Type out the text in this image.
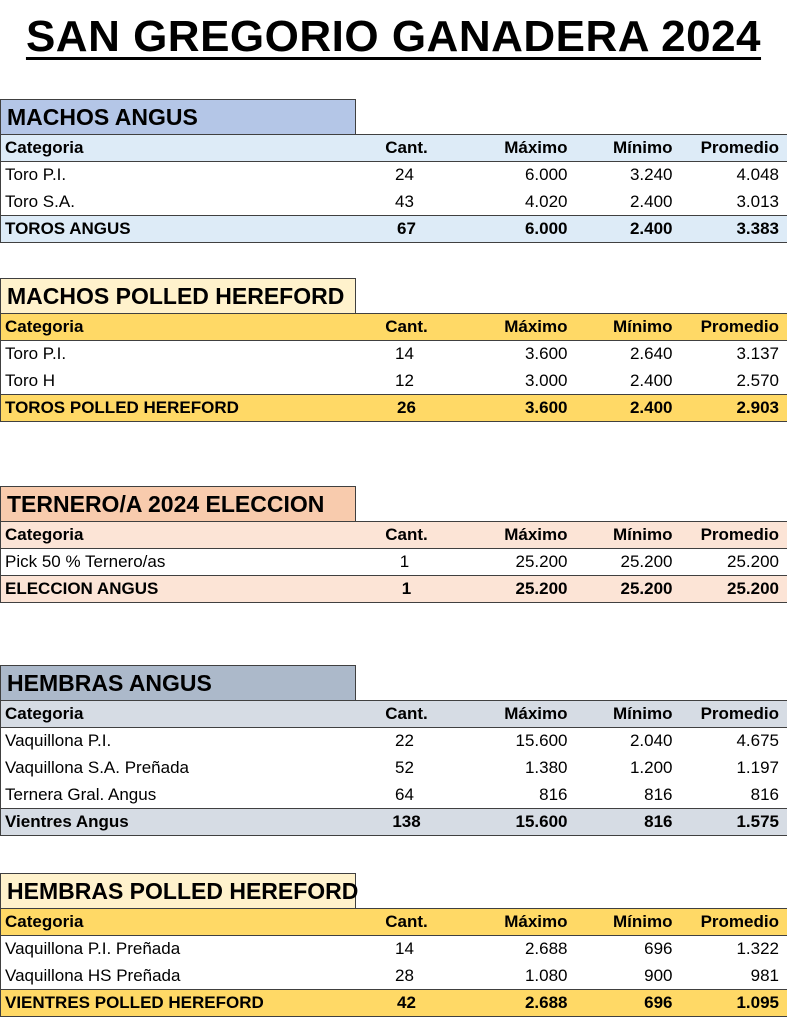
SAN GREGORIO GANADERA 2024
MACHOS ANGUS
Categoria	Cant.	Máximo	Mínimo	Promedio
Toro P.I.	24	6.000	3.240	4.048
Toro S.A.	43	4.020	2.400	3.013
TOROS ANGUS	67	6.000	2.400	3.383
MACHOS POLLED HEREFORD
Categoria	Cant.	Máximo	Mínimo	Promedio
Toro P.I.	14	3.600	2.640	3.137
Toro H	12	3.000	2.400	2.570
TOROS POLLED HEREFORD	26	3.600	2.400	2.903
TERNERO/A 2024 ELECCION
Categoria	Cant.	Máximo	Mínimo	Promedio
Pick 50 % Ternero/as	1	25.200	25.200	25.200
ELECCION ANGUS	1	25.200	25.200	25.200
HEMBRAS ANGUS
Categoria	Cant.	Máximo	Mínimo	Promedio
Vaquillona P.I.	22	15.600	2.040	4.675
Vaquillona S.A. Preñada	52	1.380	1.200	1.197
Ternera Gral. Angus	64	816	816	816
Vientres Angus	138	15.600	816	1.575
HEMBRAS POLLED HEREFORD
Categoria	Cant.	Máximo	Mínimo	Promedio
Vaquillona P.I. Preñada	14	2.688	696	1.322
Vaquillona HS Preñada	28	1.080	900	981
VIENTRES POLLED HEREFORD	42	2.688	696	1.095
